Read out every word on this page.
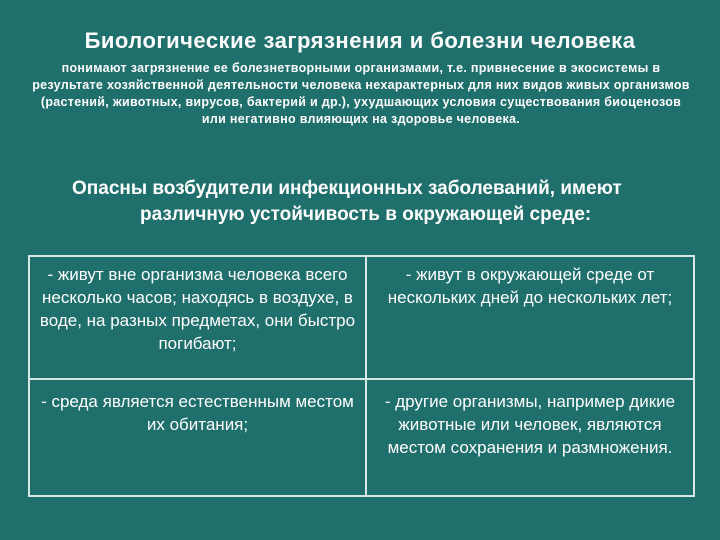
Биологические загрязнения и болезни человека
понимают загрязнение ее болезнетворными организмами, т.е. привнесение в экосистемы в результате хозяйственной деятельности человека нехарактерных для них видов живых организмов (растений, животных, вирусов, бактерий и др.), ухудшающих условия существования биоценозов или негативно влияющих на здоровье человека.
Опасны возбудители инфекционных заболеваний, имеют
различную устойчивость в окружающей среде:
- живут вне организма человека всего несколько часов; находясь в воздухе, в воде, на разных предметах, они быстро погибают;	- живут в окружающей среде от нескольких дней до нескольких лет;
- среда является естественным местом их обитания;	- другие организмы, например дикие животные или человек, являются местом сохранения и размножения.
